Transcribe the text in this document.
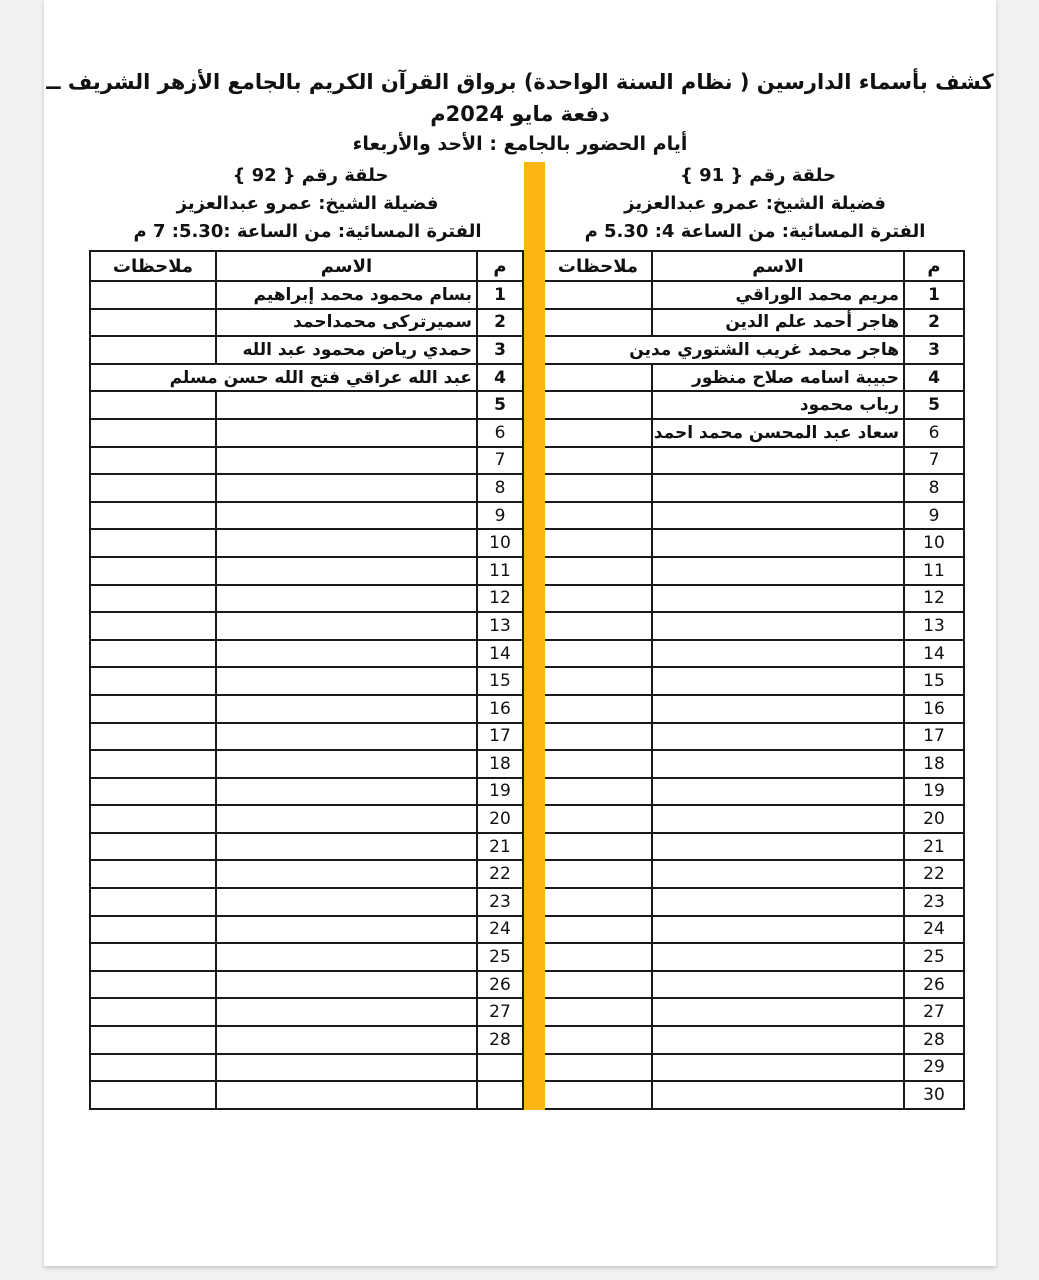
كشف بأسماء الدارسين ( نظام السنة الواحدة) برواق القرآن الكريم بالجامع الأزهر الشريف ــ دفعة مايو 2024م
أيام الحضور بالجامع : الأحد والأربعاء
حلقة رقم{ 91 }
فضيلة الشيخ: عمرو عبدالعزيز
الفترة المسائية: من الساعة 4: 5.30 م
م	الاسم	ملاحظات
1	مريم محمد الوراقي	
2	هاجر أحمد علم الدين	
3	هاجر محمد غريب الشتوري مدين	
4	حبيبة اسامه صلاح منظور	
5	رباب محمود	
6	سعاد عبد المحسن محمد احمد	
7		
8		
9		
10		
11		
12		
13		
14		
15		
16		
17		
18		
19		
20		
21		
22		
23		
24		
25		
26		
27		
28		
29		
30		
حلقة رقم{ 92 }
فضيلة الشيخ: عمرو عبدالعزيز
الفترة المسائية: من الساعة :5.30: 7 م
م	الاسم	ملاحظات
1	بسام محمود محمد إبراهيم	
2	سميرتركى محمداحمد	
3	حمدي رياض محمود عبد الله	
4	عبد الله عراقي فتح الله حسن مسلم	
5		
6		
7		
8		
9		
10		
11		
12		
13		
14		
15		
16		
17		
18		
19		
20		
21		
22		
23		
24		
25		
26		
27		
28		
